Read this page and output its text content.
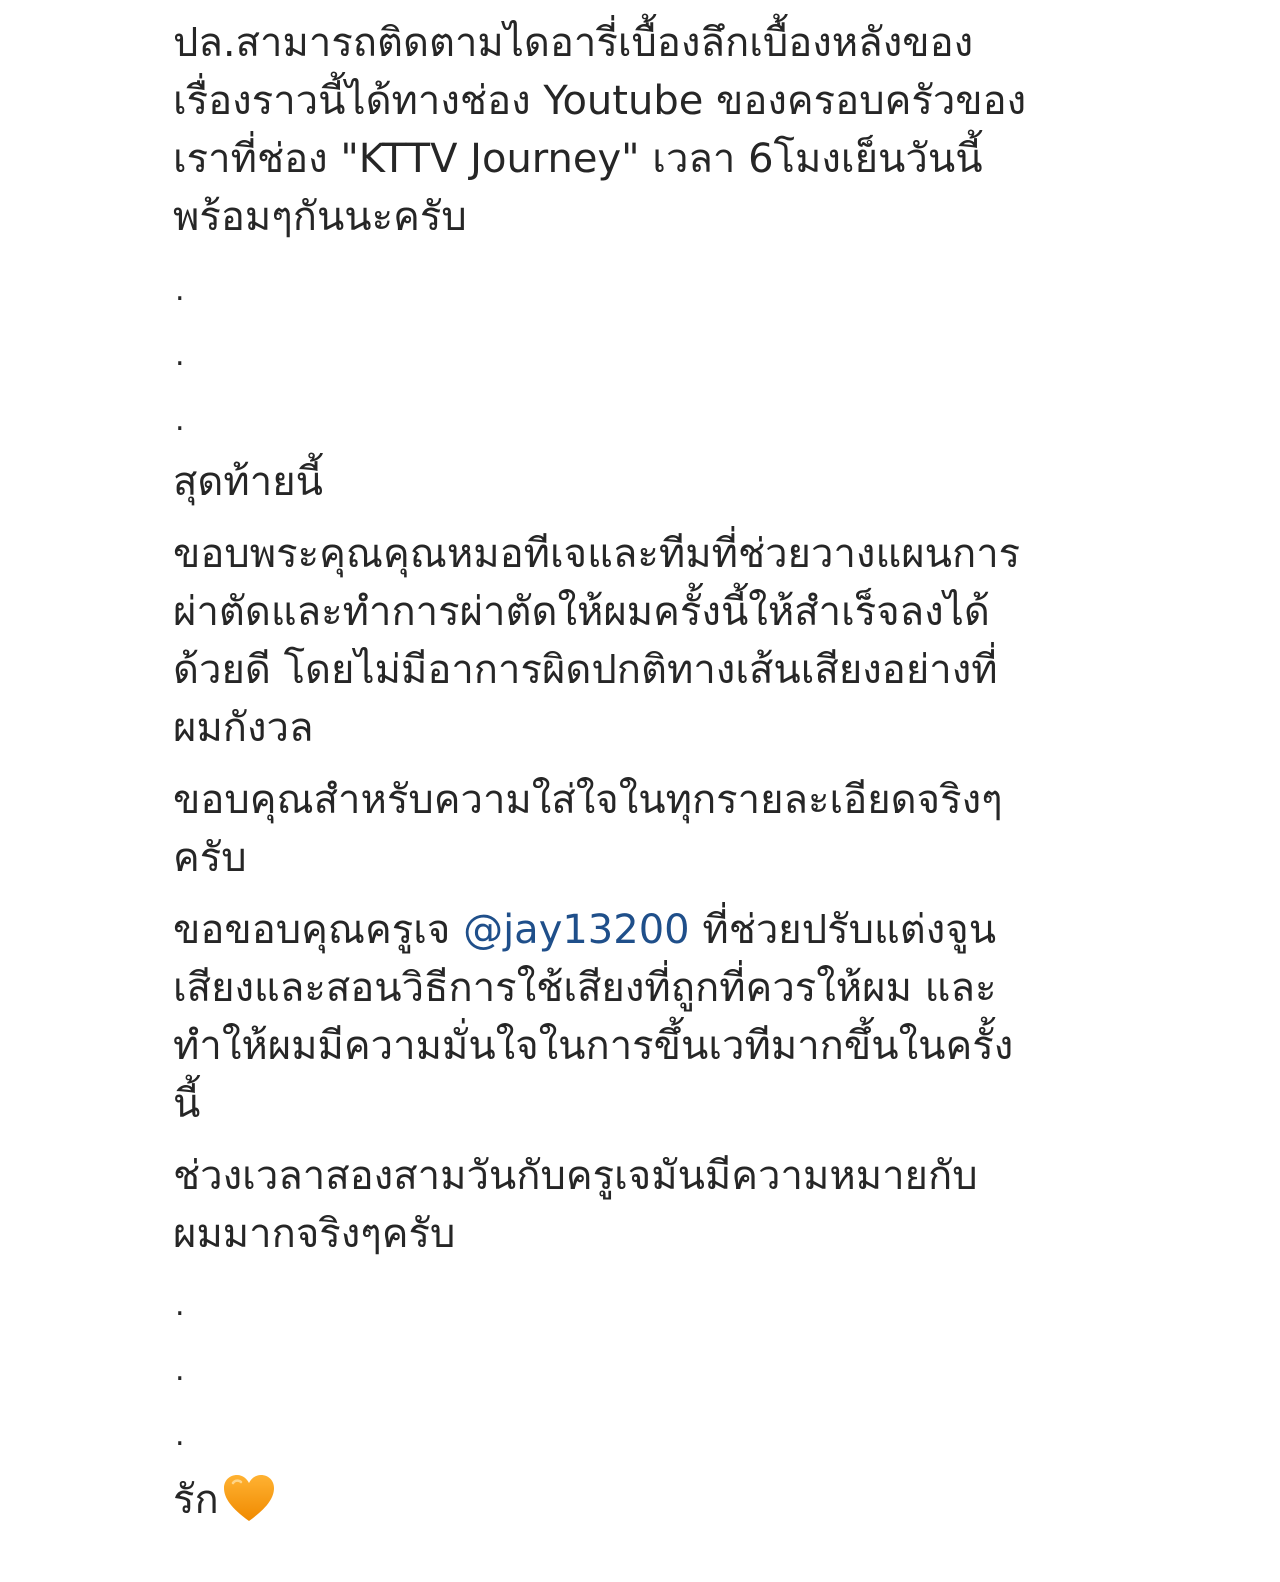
ปล.สามารถติดตามไดอารี่เบื้องลึกเบื้องหลังของ
เรื่องราวนี้ได้ทางช่อง Youtube ของครอบครัวของ
เราที่ช่อง "KTTV Journey" เวลา 6โมงเย็นวันนี้
พร้อมๆกันนะครับ
.
.
.
สุดท้ายนี้
ขอบพระคุณคุณหมอทีเจและทีมที่ช่วยวางแผนการ
ผ่าตัดและทำการผ่าตัดให้ผมครั้งนี้ให้สำเร็จลงได้
ด้วยดี โดยไม่มีอาการผิดปกติทางเส้นเสียงอย่างที่
ผมกังวล
ขอบคุณสำหรับความใส่ใจในทุกรายละเอียดจริงๆ
ครับ
ขอขอบคุณครูเจ @jay13200 ที่ช่วยปรับแต่งจูน
เสียงและสอนวิธีการใช้เสียงที่ถูกที่ควรให้ผม และ
ทำให้ผมมีความมั่นใจในการขึ้นเวทีมากขึ้นในครั้ง
นี้
ช่วงเวลาสองสามวันกับครูเจมันมีความหมายกับ
ผมมากจริงๆครับ
.
.
.
รัก
